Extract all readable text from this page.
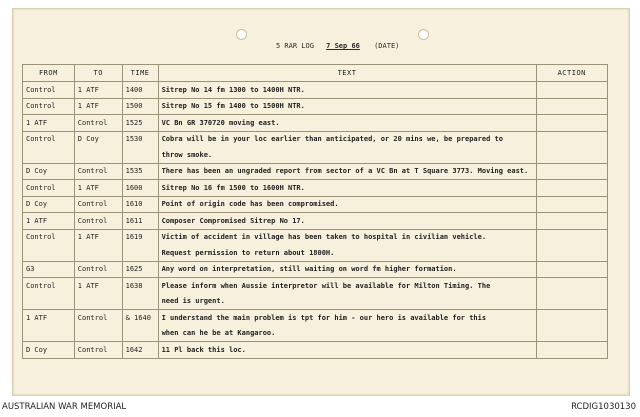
5 RAR LOG 7 Sep 66 (DATE)
FROM	TO	TIME	TEXT	ACTION
Control	1 ATF	1400	Sitrep No 14 fm 1300 to 1400H NTR.	
Control	1 ATF	1500	Sitrep No 15 fm 1400 to 1500H NTR.	
1 ATF	Control	1525	VC Bn GR 370720 moving east.	
Control	D Coy	1530	Cobra will be in your loc earlier than anticipated, or 20 mins we, be prepared to	
			throw smoke.	
D Coy	Control	1535	There has been an ungraded report from sector of a VC Bn at T Square 3773. Moving east.	
Control	1 ATF	1600	Sitrep No 16 fm 1500 to 1600H NTR.	
D Coy	Control	1610	Point of origin code has been compromised.	
1 ATF	Control	1611	Composer Compromised Sitrep No 17.	
Control	1 ATF	1619	Victim of accident in village has been taken to hospital in civilian vehicle.	
			Request permission to return about 1800H.	
G3	Control	1625	Any word on interpretation, still waiting on word fm higher formation.	
Control	1 ATF	1638	Please inform when Aussie interpretor will be available for Milton Timing. The	
			need is urgent.	
1 ATF	Control	& 1640	I understand the main problem is tpt for him - our hero is available for this	
			when can he be at Kangaroo.	
D Coy	Control	1642	11 Pl back this loc.	
AUSTRALIAN WAR MEMORIAL	RCDIG1030130
